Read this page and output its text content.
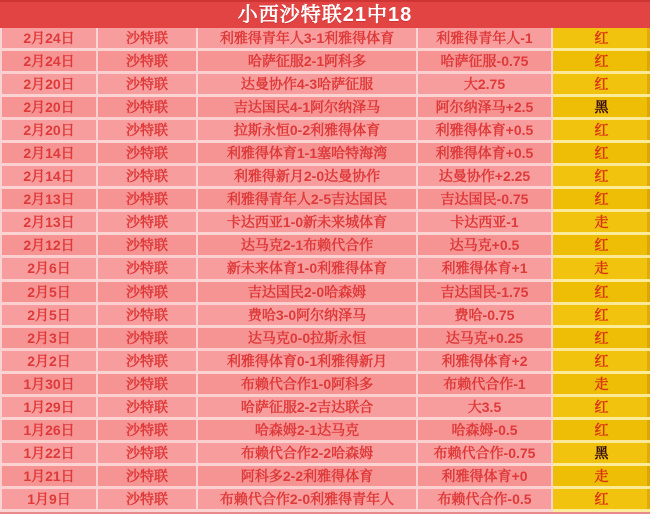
小西沙特联21中18
2月24日	沙特联	利雅得青年人3-1利雅得体育	利雅得青年人-1	红
2月24日	沙特联	哈萨征服2-1阿科多	哈萨征服-0.75	红
2月20日	沙特联	达曼协作4-3哈萨征服	大2.75	红
2月20日	沙特联	吉达国民4-1阿尔纳泽马	阿尔纳泽马+2.5	黑
2月20日	沙特联	拉斯永恒0-2利雅得体育	利雅得体育+0.5	红
2月14日	沙特联	利雅得体育1-1塞哈特海湾	利雅得体育+0.5	红
2月14日	沙特联	利雅得新月2-0达曼协作	达曼协作+2.25	红
2月13日	沙特联	利雅得青年人2-5吉达国民	吉达国民-0.75	红
2月13日	沙特联	卡达西亚1-0新未来城体育	卡达西亚-1	走
2月12日	沙特联	达马克2-1布赖代合作	达马克+0.5	红
2月6日	沙特联	新未来体育1-0利雅得体育	利雅得体育+1	走
2月5日	沙特联	吉达国民2-0哈森姆	吉达国民-1.75	红
2月5日	沙特联	费哈3-0阿尔纳泽马	费哈-0.75	红
2月3日	沙特联	达马克0-0拉斯永恒	达马克+0.25	红
2月2日	沙特联	利雅得体育0-1利雅得新月	利雅得体育+2	红
1月30日	沙特联	布赖代合作1-0阿科多	布赖代合作-1	走
1月29日	沙特联	哈萨征服2-2吉达联合	大3.5	红
1月26日	沙特联	哈森姆2-1达马克	哈森姆-0.5	红
1月22日	沙特联	布赖代合作2-2哈森姆	布赖代合作-0.75	黑
1月21日	沙特联	阿科多2-2利雅得体育	利雅得体育+0	走
1月9日	沙特联	布赖代合作2-0利雅得青年人	布赖代合作-0.5	红
